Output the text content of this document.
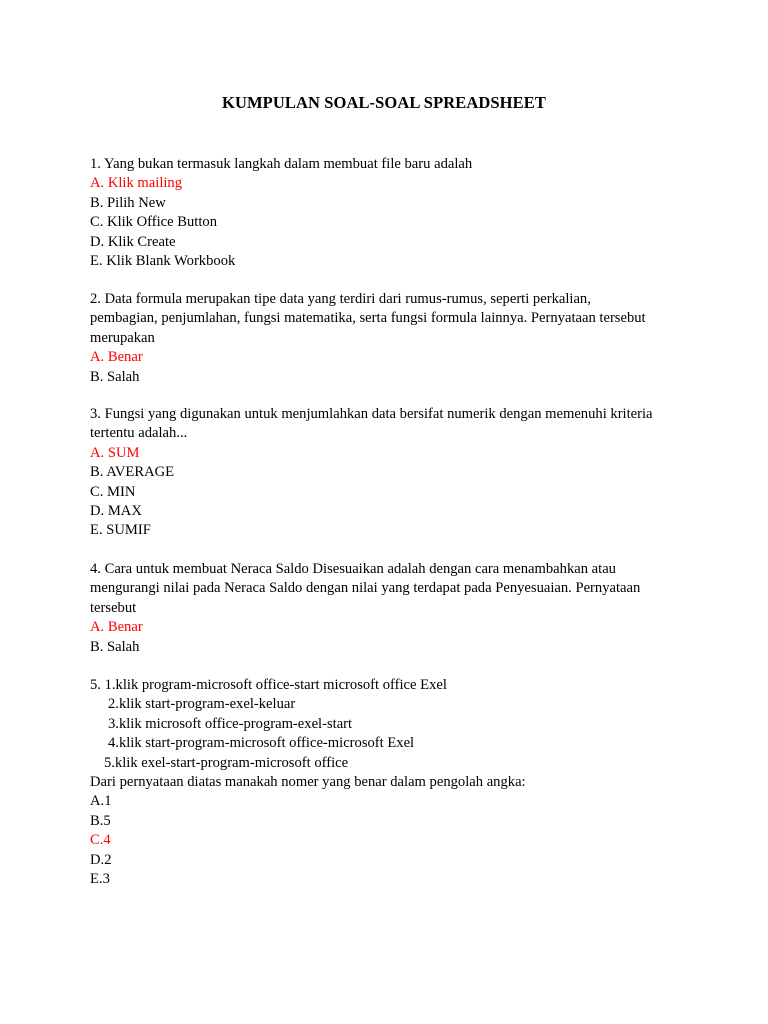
KUMPULAN SOAL-SOAL SPREADSHEET
1. Yang bukan termasuk langkah dalam membuat file baru adalah
A. Klik mailing
B. Pilih New
C. Klik Office Button
D. Klik Create
E. Klik Blank Workbook
2. Data formula merupakan tipe data yang terdiri dari rumus-rumus, seperti perkalian,
pembagian, penjumlahan, fungsi matematika, serta fungsi formula lainnya. Pernyataan tersebut
merupakan
A. Benar
B. Salah
3. Fungsi yang digunakan untuk menjumlahkan data bersifat numerik dengan memenuhi kriteria
tertentu adalah...
A. SUM
B. AVERAGE
C. MIN
D. MAX
E. SUMIF
4. Cara untuk membuat Neraca Saldo Disesuaikan adalah dengan cara menambahkan atau
mengurangi nilai pada Neraca Saldo dengan nilai yang terdapat pada Penyesuaian. Pernyataan
tersebut
A. Benar
B. Salah
5. 1.klik program-microsoft office-start microsoft office Exel
2.klik start-program-exel-keluar
3.klik microsoft office-program-exel-start
4.klik start-program-microsoft office-microsoft Exel
5.klik exel-start-program-microsoft office
Dari pernyataan diatas manakah nomer yang benar dalam pengolah angka:
A.1
B.5
C.4
D.2
E.3
